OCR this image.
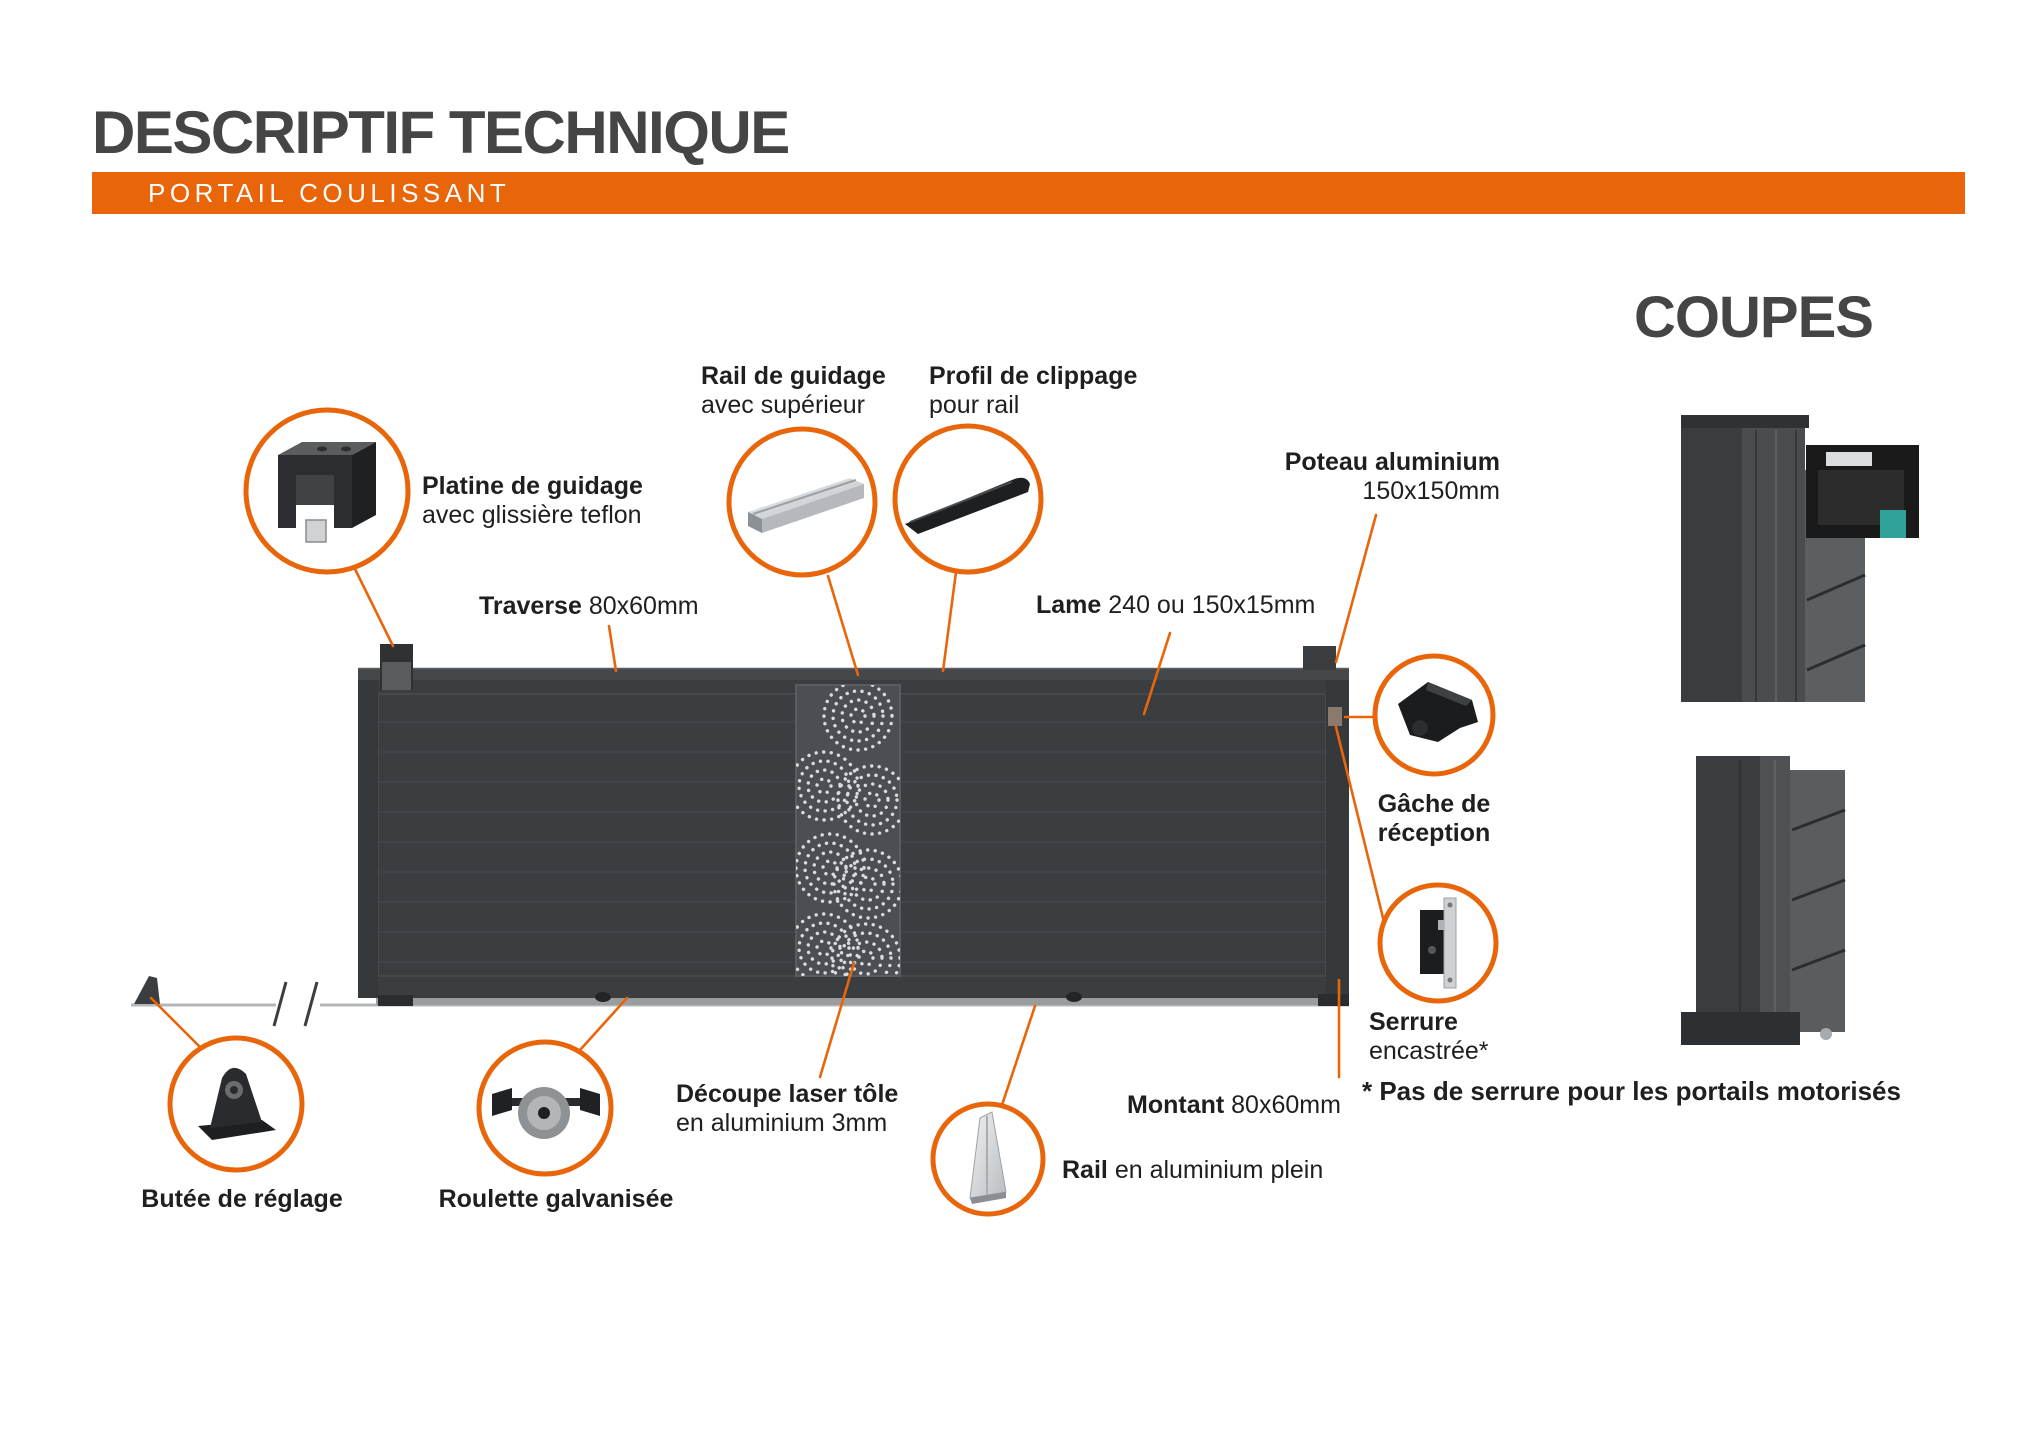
DESCRIPTIF TECHNIQUE
PORTAIL COULISSANT
COUPES
Platine de guidage
avec glissière teflon
Rail de guidage
avec supérieur
Profil de clippage
pour rail
Poteau aluminium
150x150mm
Traverse 80x60mm	Lame 240 ou 150x15mm
Gâche de
réception
Serrure
encastrée*
* Pas de serrure pour les portails motorisés
Montant 80x60mm
Découpe laser tôle
en aluminium 3mm
Rail en aluminium plein
Butée de réglage	Roulette galvanisée
